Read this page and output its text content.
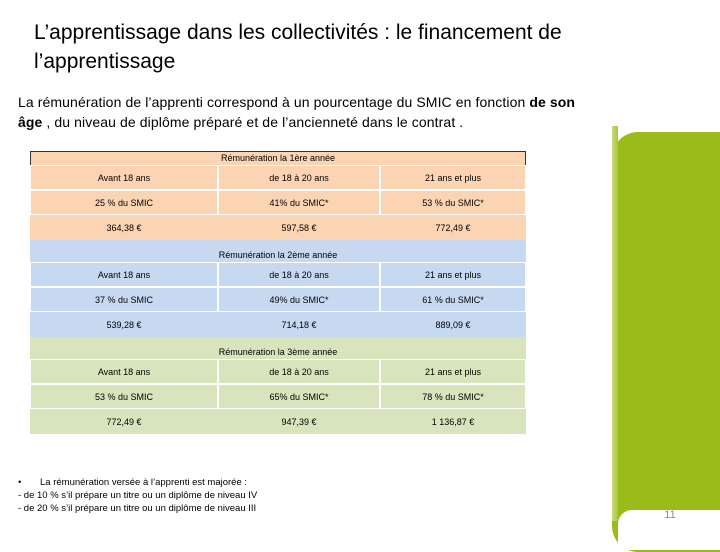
L’apprentissage dans les collectivités : le financement de l’apprentissage
La rémunération de l’apprenti correspond à un pourcentage du SMIC en fonction de son âge , du niveau de diplôme préparé et de l’ancienneté dans le contrat .
11
Rémunération la 1ère année
Avant 18 ans	de 18 à 20 ans	21 ans et plus
25 % du SMIC	41% du SMIC*	53 % du SMIC*
364,38 €	597,58 €	772,49 €
Rémunération la 2ème année
Avant 18 ans	de 18 à 20 ans	21 ans et plus
37 % du SMIC	49% du SMIC*	61 % du SMIC*
539,28 €	714,18 €	889,09 €
Rémunération la 3ème année
Avant 18 ans	de 18 à 20 ans	21 ans et plus
53 % du SMIC	65% du SMIC*	78 % du SMIC*
772,49 €	947,39 €	1 136,87 €
• La rémunération versée à l’apprenti est majorée :
- de 10 % s’il prépare un titre ou un diplôme de niveau IV
- de 20 % s’il prépare un titre ou un diplôme de niveau III
